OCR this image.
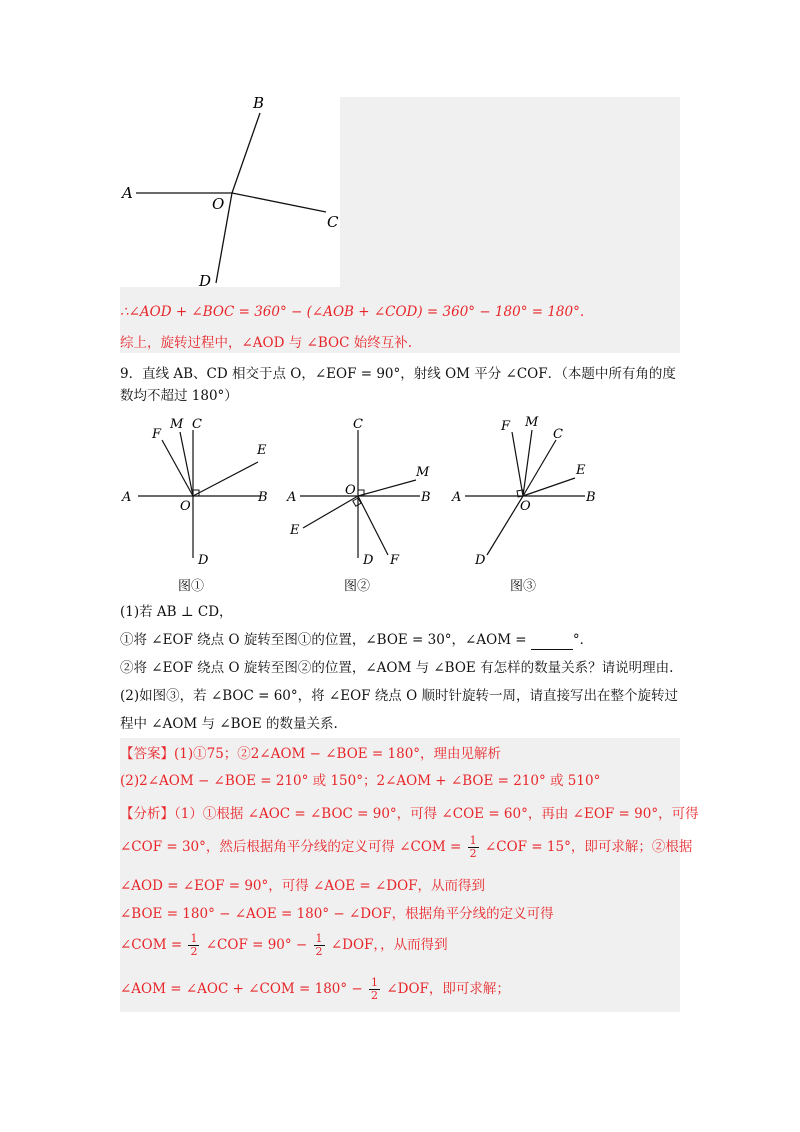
A
B
C
D
O
∴∠AOD + ∠BOC = 360° − (∠AOB + ∠COD) = 360° − 180° = 180°.
综上，旋转过程中，∠AOD 与 ∠BOC 始终互补.
9．直线 AB、CD 相交于点 O，∠EOF = 90°，射线 OM 平分 ∠COF．（本题中所有角的度
数均不超过 180°）
A	B
C
D
E
F
M
O
A	B
C
D
E
F
M
O	A	B
C
D
E
F M
O
图①	图②	图③
(1)若 AB ⊥ CD，
①将 ∠EOF 绕点 O 旋转至图①的位置，∠BOE = 30°，∠AOM =	°．
②将 ∠EOF 绕点 O 旋转至图②的位置，∠AOM 与 ∠BOE 有怎样的数量关系？请说明理由.
(2)如图③，若 ∠BOC = 60°，将 ∠EOF 绕点 O 顺时针旋转一周，请直接写出在整个旋转过
程中 ∠AOM 与 ∠BOE 的数量关系.
【答案】(1)①75；②2∠AOM − ∠BOE = 180°，理由见解析
(2)2∠AOM − ∠BOE = 210° 或 150°；2∠AOM + ∠BOE = 210° 或 510°
【分析】（1）①根据 ∠AOC = ∠BOC = 90°，可得 ∠COE = 60°，再由 ∠EOF = 90°，可得
∠COF = 30°，然后根据角平分线的定义可得 ∠COM = $\frac{1}{2}$ ∠COF = 15°，即可求解；②根据
∠AOD = ∠EOF = 90°，可得 ∠AOE = ∠DOF，从而得到
∠BOE = 180° − ∠AOE = 180° − ∠DOF，根据角平分线的定义可得
∠COM = $\frac{1}{2}$ ∠COF = $90^\circ - \frac{1}{2}$ ∠DOF，，从而得到
∠AOM = ∠AOC + ∠COM = $180^\circ - \frac{1}{2}$ ∠DOF，即可求解；
